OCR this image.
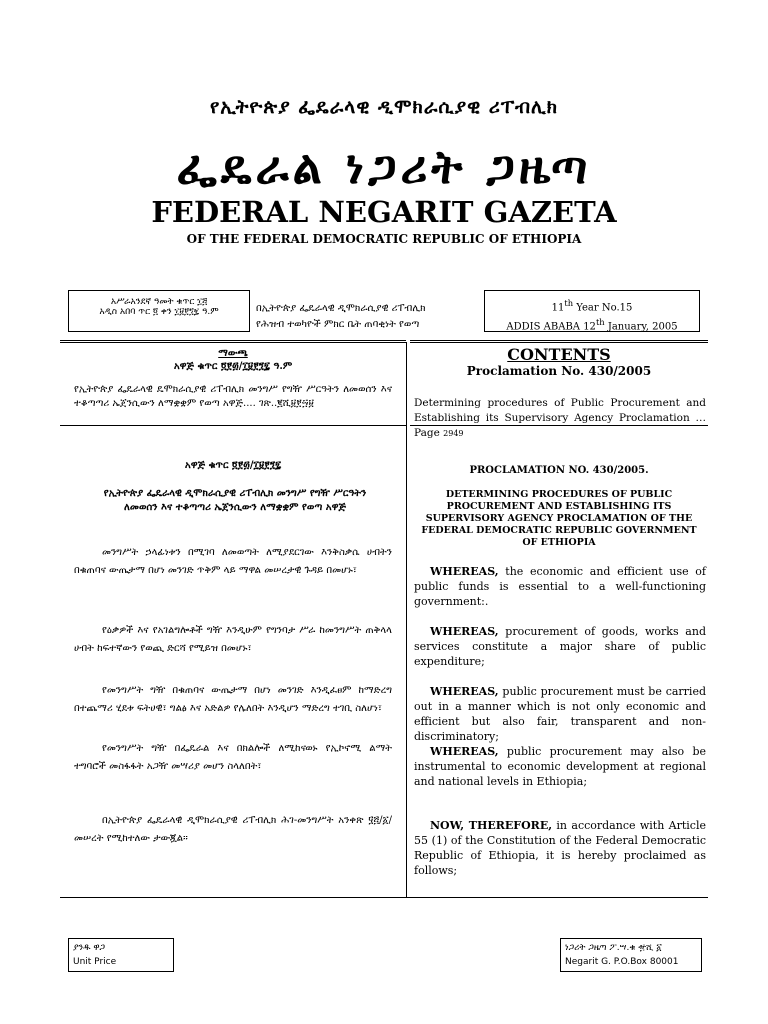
የኢትዮጵያ ፌዴራላዊ ዲሞክራሲያዊ ሪፐብሊክ
ፌዴራል ነጋሪት ጋዜጣ
FEDERAL NEGARIT GAZETA
OF THE FEDERAL DEMOCRATIC REPUBLIC OF ETHIOPIA
አሥራአንደኛ ዓመት ቁጥር ፲፭
አዲስ አበባ ጥር ፬ ቀን ፲፱፻፺፯ ዓ.ም	በኢትዮጵያ ፌዴራላዊ ዲሞክራሲያዊ ሪፐብሊክ
የሕዝብ ተወካዮች ምክር ቤት ጠባቂነት የወጣ
11th Year No.15
ADDIS ABABA 12th January, 2005
ማውጫ
አዋጅ ቁጥር ፬፻፴/፲፱፻፺፯ ዓ.ም
የኢትዮጵያ ፌዴራላዊ ዴሞክራሲያዊ ሪፐብሊክ መንግሥ የግዥ ሥርዓትን ለመወሰን እና ተቆጣጣሪ ኤጀንሲውን ለማቋቋም የወጣ አዋጅ.... ገጽ..፪ሺ፱፻፵፱
CONTENTS
Proclamation No. 430/2005
Determining procedures of Public Procurement and Establishing its Supervisory Agency Proclamation … Page 2949
አዋጅ ቁጥር ፬፻፴/፲፱፻፺፯
የኢትዮጵያ ፌዴራላዊ ዲሞክራሲያዊ ሪፐብሊክ መንግሥ የግዥ ሥርዓትን ለመወሰን እና ተቆጣጣሪ ኤጀንሲውን ለማቋቋም የወጣ አዋጅ
PROCLAMATION NO. 430/2005.
DETERMINING PROCEDURES OF PUBLIC PROCUREMENT AND ESTABLISHING ITS SUPERVISORY AGENCY PROCLAMATION OF THE FEDERAL DEMOCRATIC REPUBLIC GOVERNMENT OF ETHIOPIA
መንግሥት ኃላፊነቱን በሚገባ ለመወጣት ለሚያደርገው እንቅስቃሴ ሀብትን በቁጠባና ውጤታማ በሆነ መንገድ ጥቅም ላይ ማዋል መሠረታዊ ጉዳይ በመሆኑ፣
የዕቃዎች እና የአገልግሎቶች ግዥ እንዲሁም የግንባታ ሥራ ከመንግሥት ጠቅላላ ሀብት ከፍተኛውን የወጪ ድርሻ የሚይዝ በመሆኑ፣
የመንግሥት ግዥ በቁጠባና ውጤታማ በሆነ መንገድ እንዲፈፀም ከማድረግ በተጨማሪ ሂደቱ ፍትሀዊ፣ ግልፅ እና አድልዎ የሌለበት እንዲሆን ማድረግ ተገቢ ስለሆነ፣
የመንግሥት ግዥ በፌዴራል እና በክልሎች ለሚከናወኑ የኢኮኖሚ ልማት ተግባሮች መስፋፋት አጋዥ መሣሪያ መሆን ስላለበት፣
በኢትዮጵያ ፌዴራላዊ ዲሞክራሲያዊ ሪፐብሊክ ሕገ-መንግሥት አንቀጽ ፶፭/፩/ መሠረት የሚከተለው ታውጇል።
WHEREAS, the economic and efficient use of public funds is essential to a well-functioning government:.
WHEREAS, procurement of goods, works and services constitute a major share of public expenditure;
WHEREAS, public procurement must be carried out in a manner which is not only economic and efficient but also fair, transparent and non-discriminatory;
WHEREAS, public procurement may also be instrumental to economic development at regional and national levels in Ethiopia;
NOW, THEREFORE, in accordance with Article 55 (1) of the Constitution of the Federal Democratic Republic of Ethiopia, it is hereby proclaimed as follows;
ያንዱ ዋጋ
Unit Price
ነጋሪት ጋዜጣ ፖ.ሣ.ቁ ፹ሺ ፩
Negarit G. P.O.Box 80001
